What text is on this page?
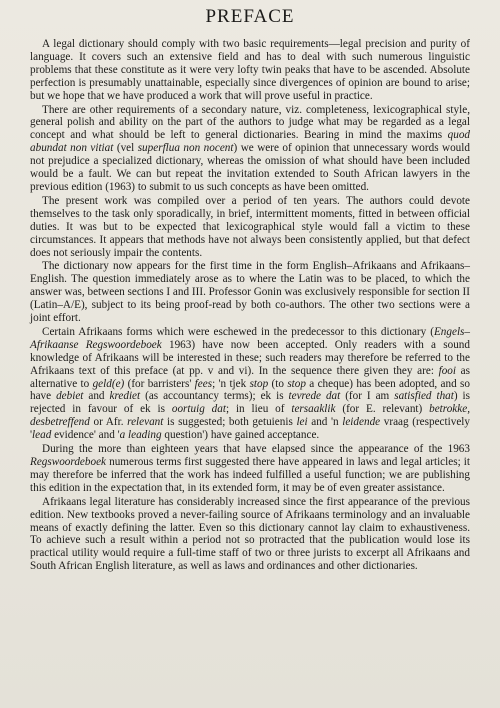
PREFACE

A legal dictionary should comply with two basic requirements—legal precision and purity of language. It covers such an extensive field and has to deal with such numerous linguistic problems that these constitute as it were very lofty twin peaks that have to be ascended. Absolute perfection is presumably unattainable, especially since divergences of opinion are bound to arise; but we hope that we have produced a work that will prove useful in practice.

There are other requirements of a secondary nature, viz. completeness, lexicographical style, general polish and ability on the part of the authors to judge what may be regarded as a legal concept and what should be left to general dictionaries. Bearing in mind the maxims quod abundat non vitiat (vel superflua non nocent) we were of opinion that unnecessary words would not prejudice a specialized dictionary, whereas the omission of what should have been included would be a fault. We can but repeat the invitation extended to South African lawyers in the previous edition (1963) to submit to us such concepts as have been omitted.

The present work was compiled over a period of ten years. The authors could devote themselves to the task only sporadically, in brief, intermittent moments, fitted in between official duties. It was but to be expected that lexicographical style would fall a victim to these circumstances. It appears that methods have not always been consistently applied, but that defect does not seriously impair the contents.

The dictionary now appears for the first time in the form English–Afrikaans and Afrikaans–English. The question immediately arose as to where the Latin was to be placed, to which the answer was, between sections I and III. Professor Gonin was exclusively responsible for section II (Latin–A/E), subject to its being proof-read by both co-authors. The other two sections were a joint effort.

Certain Afrikaans forms which were eschewed in the predecessor to this dictionary (Engels–Afrikaanse Regswoordeboek 1963) have now been accepted. Only readers with a sound knowledge of Afrikaans will be interested in these; such readers may therefore be referred to the Afrikaans text of this preface (at pp. v and vi). In the sequence there given they are: fooi as alternative to geld(e) (for barristers' fees; 'n tjek stop (to stop a cheque) has been adopted, and so have debiet and krediet (as accountancy terms); ek is tevrede dat (for I am satisfied that) is rejected in favour of ek is oortuig dat; in lieu of tersaaklik (for E. relevant) betrokke, desbetreffend or Afr. relevant is suggested; both getuienis lei and 'n leidende vraag (respectively 'lead evidence' and 'a leading question') have gained acceptance.

During the more than eighteen years that have elapsed since the appearance of the 1963 Regswoordeboek numerous terms first suggested there have appeared in laws and legal articles; it may therefore be inferred that the work has indeed fulfilled a useful function; we are publishing this edition in the expectation that, in its extended form, it may be of even greater assistance.

Afrikaans legal literature has considerably increased since the first appearance of the previous edition. New textbooks proved a never-failing source of Afrikaans terminology and an invaluable means of exactly defining the latter. Even so this dictionary cannot lay claim to exhaustiveness. To achieve such a result within a period not so protracted that the publication would lose its practical utility would require a full-time staff of two or three jurists to excerpt all Afrikaans and South African English literature, as well as laws and ordinances and other dictionaries.
